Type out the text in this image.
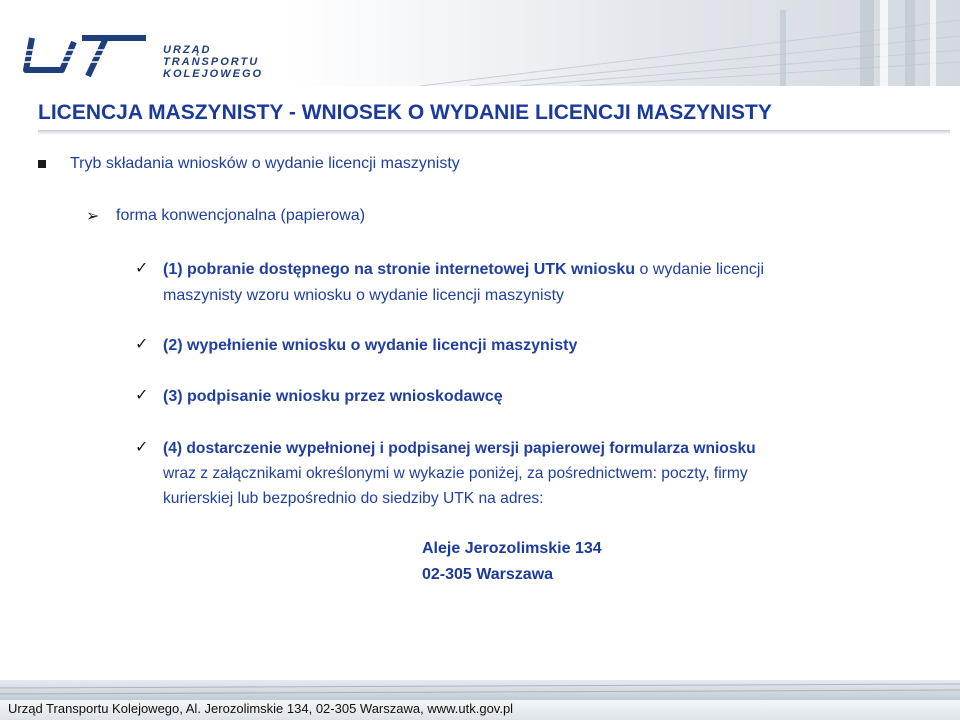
URZĄD
TRANSPORTU
KOLEJOWEGO
LICENCJA MASZYNISTY - WNIOSEK O WYDANIE LICENCJI MASZYNISTY
Tryb składania wniosków o wydanie licencji maszynisty
➢ forma konwencjonalna (papierowa)
✓ (1) pobranie dostępnego na stronie internetowej UTK wniosku o wydanie licencji
maszynisty wzoru wniosku o wydanie licencji maszynisty
✓ (2) wypełnienie wniosku o wydanie licencji maszynisty
✓ (3) podpisanie wniosku przez wnioskodawcę
✓ (4) dostarczenie wypełnionej i podpisanej wersji papierowej formularza wniosku
wraz z załącznikami określonymi w wykazie poniżej, za pośrednictwem: poczty, firmy
kurierskiej lub bezpośrednio do siedziby UTK na adres:
Aleje Jerozolimskie 134
02-305 Warszawa
Urząd Transportu Kolejowego, Al. Jerozolimskie 134, 02-305 Warszawa, www.utk.gov.pl
